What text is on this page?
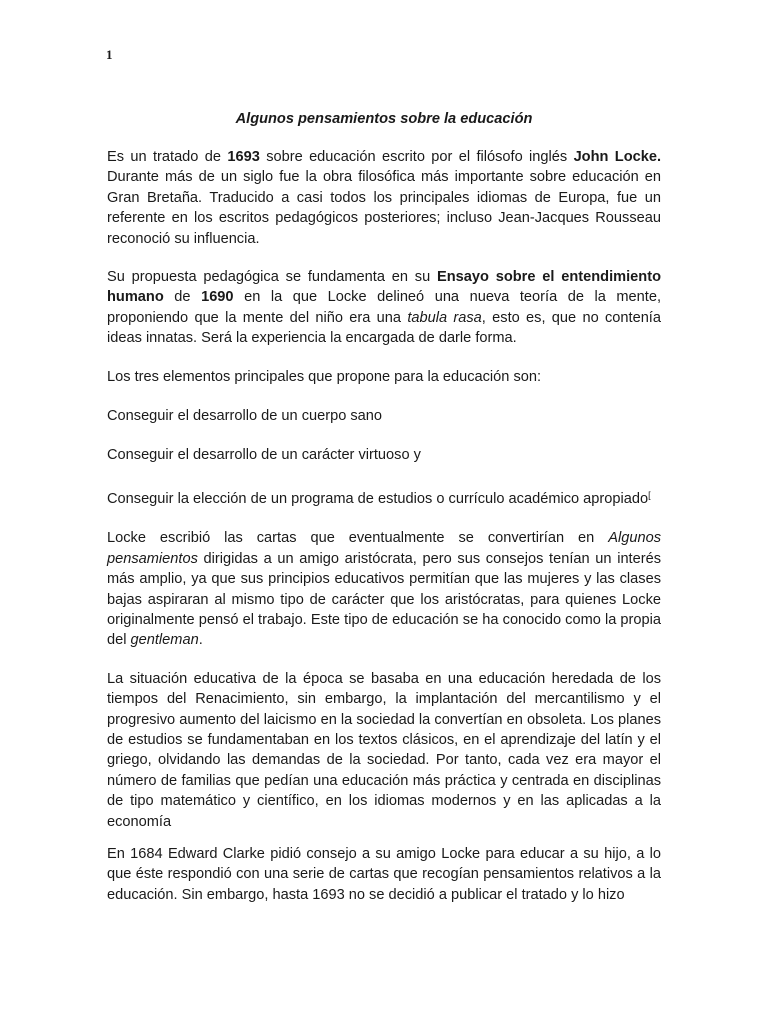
1
Algunos pensamientos sobre la educación

Es un tratado de 1693 sobre educación escrito por el filósofo inglés John Locke. Durante más de un siglo fue la obra filosófica más importante sobre educación en Gran Bretaña. Traducido a casi todos los principales idiomas de Europa, fue un referente en los escritos pedagógicos posteriores; incluso Jean-Jacques Rousseau reconoció su influencia.

Su propuesta pedagógica se fundamenta en su Ensayo sobre el entendimiento humano de 1690 en la que Locke delineó una nueva teoría de la mente, proponiendo que la mente del niño era una tabula rasa, esto es, que no contenía ideas innatas. Será la experiencia la encargada de darle forma.

Los tres elementos principales que propone para la educación son:

Conseguir el desarrollo de un cuerpo sano

Conseguir el desarrollo de un carácter virtuoso y

Conseguir la elección de un programa de estudios o currículo académico apropiado[

Locke escribió las cartas que eventualmente se convertirían en Algunos pensamientos dirigidas a un amigo aristócrata, pero sus consejos tenían un interés más amplio, ya que sus principios educativos permitían que las mujeres y las clases bajas aspiraran al mismo tipo de carácter que los aristócratas, para quienes Locke originalmente pensó el trabajo. Este tipo de educación se ha conocido como la propia del gentleman.

La situación educativa de la época se basaba en una educación heredada de los tiempos del Renacimiento, sin embargo, la implantación del mercantilismo y el progresivo aumento del laicismo en la sociedad la convertían en obsoleta. Los planes de estudios se fundamentaban en los textos clásicos, en el aprendizaje del latín y el griego, olvidando las demandas de la sociedad. Por tanto, cada vez era mayor el número de familias que pedían una educación más práctica y centrada en disciplinas de tipo matemático y científico, en los idiomas modernos y en las aplicadas a la economía

En 1684 Edward Clarke pidió consejo a su amigo Locke para educar a su hijo, a lo que éste respondió con una serie de cartas que recogían pensamientos relativos a la educación. Sin embargo, hasta 1693 no se decidió a publicar el tratado y lo hizo
